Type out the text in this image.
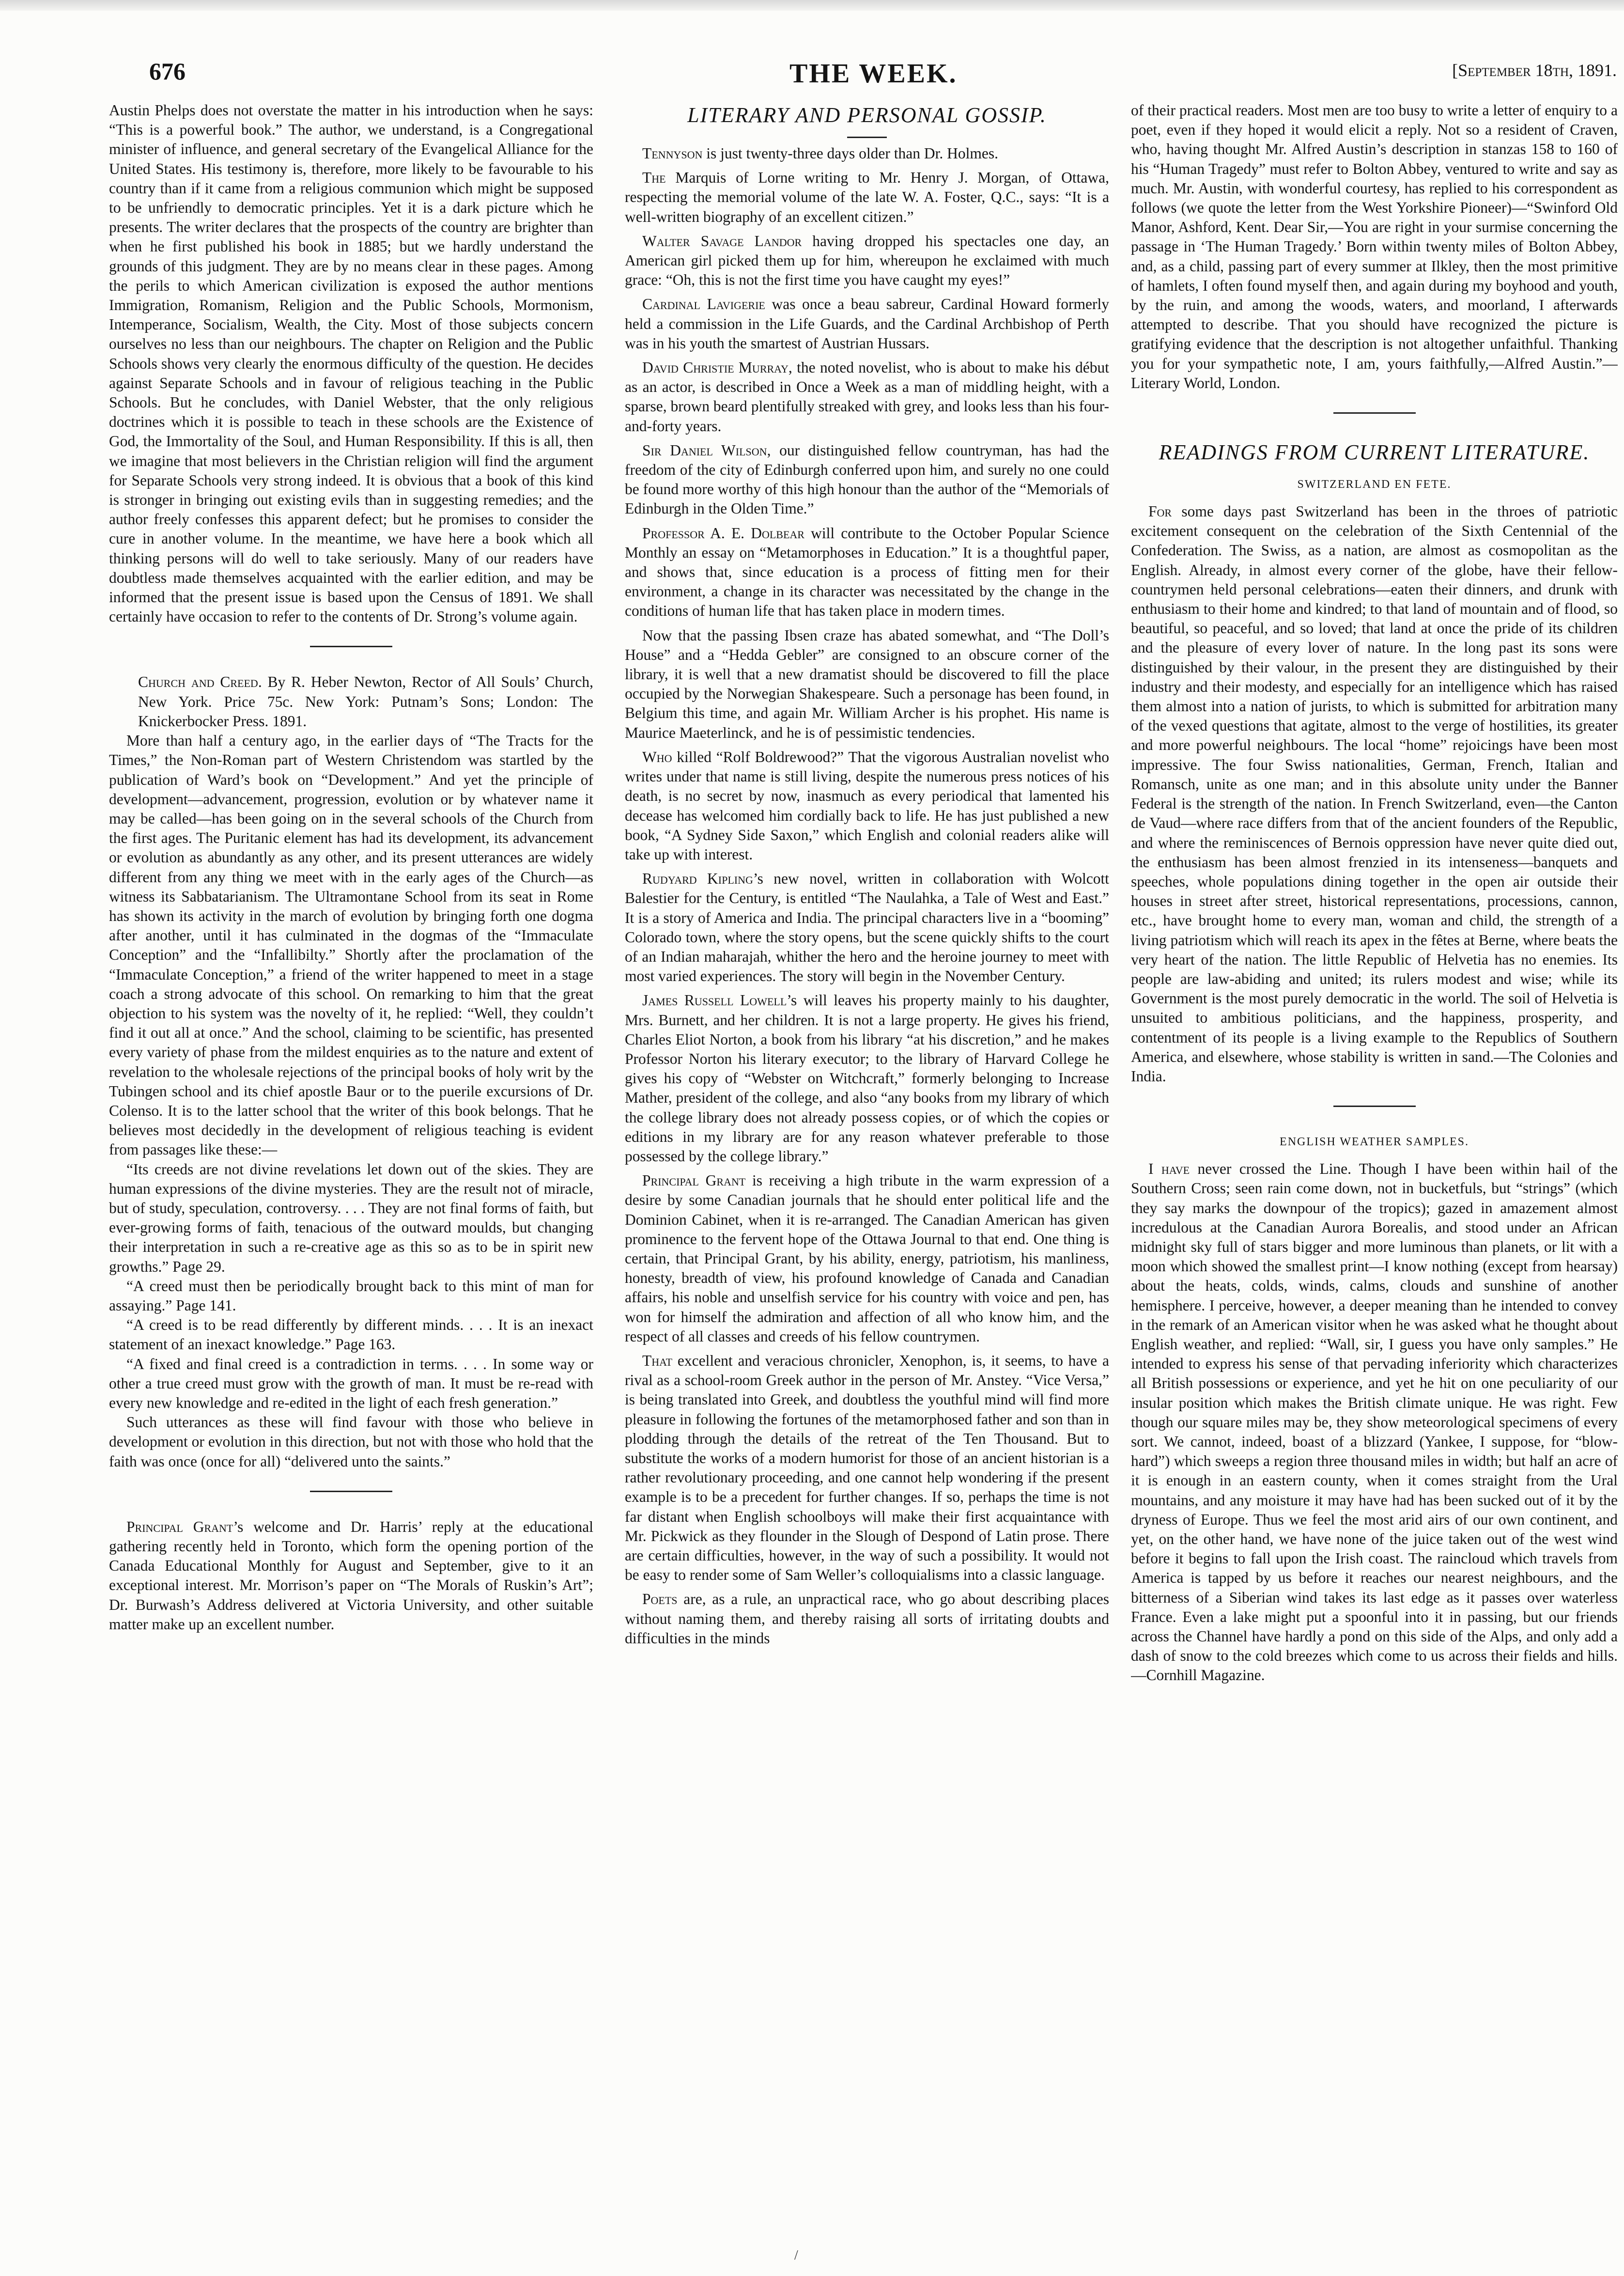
676	THE WEEK.	[September 18th, 1891.

Austin Phelps does not overstate the matter in his introduction when he says: “This is a powerful book.” The author, we understand, is a Congregational minister of influence, and general secretary of the Evangelical Alliance for the United States. His testimony is, therefore, more likely to be favourable to his country than if it came from a religious communion which might be supposed to be unfriendly to democratic principles. Yet it is a dark picture which he presents. The writer declares that the prospects of the country are brighter than when he first published his book in 1885; but we hardly understand the grounds of this judgment. They are by no means clear in these pages. Among the perils to which American civilization is exposed the author mentions Immigration, Romanism, Religion and the Public Schools, Mormonism, Intemperance, Socialism, Wealth, the City. Most of those subjects concern ourselves no less than our neighbours. The chapter on Religion and the Public Schools shows very clearly the enormous difficulty of the question. He decides against Separate Schools and in favour of religious teaching in the Public Schools. But he concludes, with Daniel Webster, that the only religious doctrines which it is possible to teach in these schools are the Existence of God, the Immortality of the Soul, and Human Responsibility. If this is all, then we imagine that most believers in the Christian religion will find the argument for Separate Schools very strong indeed. It is obvious that a book of this kind is stronger in bringing out existing evils than in suggesting remedies; and the author freely confesses this apparent defect; but he promises to consider the cure in another volume. In the meantime, we have here a book which all thinking persons will do well to take seriously. Many of our readers have doubtless made themselves acquainted with the earlier edition, and may be informed that the present issue is based upon the Census of 1891. We shall certainly have occasion to refer to the contents of Dr. Strong’s volume again.

Church and Creed. By R. Heber Newton, Rector of All Souls’ Church, New York. Price 75c. New York: Putnam’s Sons; London: The Knickerbocker Press. 1891.

More than half a century ago, in the earlier days of “The Tracts for the Times,” the Non-Roman part of Western Christendom was startled by the publication of Ward’s book on “Development.” And yet the principle of development—advancement, progression, evolution or by whatever name it may be called—has been going on in the several schools of the Church from the first ages. The Puritanic element has had its development, its advancement or evolution as abundantly as any other, and its present utterances are widely different from any thing we meet with in the early ages of the Church—as witness its Sabbatarianism. The Ultramontane School from its seat in Rome has shown its activity in the march of evolution by bringing forth one dogma after another, until it has culminated in the dogmas of the “Immaculate Conception” and the “Infallibilty.” Shortly after the proclamation of the “Immaculate Conception,” a friend of the writer happened to meet in a stage coach a strong advocate of this school. On remarking to him that the great objection to his system was the novelty of it, he replied: “Well, they couldn’t find it out all at once.” And the school, claiming to be scientific, has presented every variety of phase from the mildest enquiries as to the nature and extent of revelation to the wholesale rejections of the principal books of holy writ by the Tubingen school and its chief apostle Baur or to the puerile excursions of Dr. Colenso. It is to the latter school that the writer of this book belongs. That he believes most decidedly in the development of religious teaching is evident from passages like these:—

“Its creeds are not divine revelations let down out of the skies. They are human expressions of the divine mysteries. They are the result not of miracle, but of study, speculation, controversy. . . . They are not final forms of faith, but ever-growing forms of faith, tenacious of the outward moulds, but changing their interpretation in such a re-creative age as this so as to be in spirit new growths.” Page 29.

“A creed must then be periodically brought back to this mint of man for assaying.” Page 141.

“A creed is to be read differently by different minds. . . . It is an inexact statement of an inexact knowledge.” Page 163.

“A fixed and final creed is a contradiction in terms. . . . In some way or other a true creed must grow with the growth of man. It must be re-read with every new knowledge and re-edited in the light of each fresh generation.”

Such utterances as these will find favour with those who believe in development or evolution in this direction, but not with those who hold that the faith was once (once for all) “delivered unto the saints.”

Principal Grant’s welcome and Dr. Harris’ reply at the educational gathering recently held in Toronto, which form the opening portion of the Canada Educational Monthly for August and September, give to it an exceptional interest. Mr. Morrison’s paper on “The Morals of Ruskin’s Art”; Dr. Burwash’s Address delivered at Victoria University, and other suitable matter make up an excellent number.

LITERARY AND PERSONAL GOSSIP.

Tennyson is just twenty-three days older than Dr. Holmes.

The Marquis of Lorne writing to Mr. Henry J. Morgan, of Ottawa, respecting the memorial volume of the late W. A. Foster, Q.C., says: “It is a well-written biography of an excellent citizen.”

Walter Savage Landor having dropped his spectacles one day, an American girl picked them up for him, whereupon he exclaimed with much grace: “Oh, this is not the first time you have caught my eyes!”

Cardinal Lavigerie was once a beau sabreur, Cardinal Howard formerly held a commission in the Life Guards, and the Cardinal Archbishop of Perth was in his youth the smartest of Austrian Hussars.

David Christie Murray, the noted novelist, who is about to make his début as an actor, is described in Once a Week as a man of middling height, with a sparse, brown beard plentifully streaked with grey, and looks less than his four-and-forty years.

Sir Daniel Wilson, our distinguished fellow countryman, has had the freedom of the city of Edinburgh conferred upon him, and surely no one could be found more worthy of this high honour than the author of the “Memorials of Edinburgh in the Olden Time.”

Professor A. E. Dolbear will contribute to the October Popular Science Monthly an essay on “Metamorphoses in Education.” It is a thoughtful paper, and shows that, since education is a process of fitting men for their environment, a change in its character was necessitated by the change in the conditions of human life that has taken place in modern times.

Now that the passing Ibsen craze has abated somewhat, and “The Doll’s House” and a “Hedda Gebler” are consigned to an obscure corner of the library, it is well that a new dramatist should be discovered to fill the place occupied by the Norwegian Shakespeare. Such a personage has been found, in Belgium this time, and again Mr. William Archer is his prophet. His name is Maurice Maeterlinck, and he is of pessimistic tendencies.

Who killed “Rolf Boldrewood?” That the vigorous Australian novelist who writes under that name is still living, despite the numerous press notices of his death, is no secret by now, inasmuch as every periodical that lamented his decease has welcomed him cordially back to life. He has just published a new book, “A Sydney Side Saxon,” which English and colonial readers alike will take up with interest.

Rudyard Kipling’s new novel, written in collaboration with Wolcott Balestier for the Century, is entitled “The Naulahka, a Tale of West and East.” It is a story of America and India. The principal characters live in a “booming” Colorado town, where the story opens, but the scene quickly shifts to the court of an Indian maharajah, whither the hero and the heroine journey to meet with most varied experiences. The story will begin in the November Century.

James Russell Lowell’s will leaves his property mainly to his daughter, Mrs. Burnett, and her children. It is not a large property. He gives his friend, Charles Eliot Norton, a book from his library “at his discretion,” and he makes Professor Norton his literary executor; to the library of Harvard College he gives his copy of “Webster on Witchcraft,” formerly belonging to Increase Mather, president of the college, and also “any books from my library of which the college library does not already possess copies, or of which the copies or editions in my library are for any reason whatever preferable to those possessed by the college library.”

Principal Grant is receiving a high tribute in the warm expression of a desire by some Canadian journals that he should enter political life and the Dominion Cabinet, when it is re-arranged. The Canadian American has given prominence to the fervent hope of the Ottawa Journal to that end. One thing is certain, that Principal Grant, by his ability, energy, patriotism, his manliness, honesty, breadth of view, his profound knowledge of Canada and Canadian affairs, his noble and unselfish service for his country with voice and pen, has won for himself the admiration and affection of all who know him, and the respect of all classes and creeds of his fellow countrymen.

That excellent and veracious chronicler, Xenophon, is, it seems, to have a rival as a school-room Greek author in the person of Mr. Anstey. “Vice Versa,” is being translated into Greek, and doubtless the youthful mind will find more pleasure in following the fortunes of the metamorphosed father and son than in plodding through the details of the retreat of the Ten Thousand. But to substitute the works of a modern humorist for those of an ancient historian is a rather revolutionary proceeding, and one cannot help wondering if the present example is to be a precedent for further changes. If so, perhaps the time is not far distant when English schoolboys will make their first acquaintance with Mr. Pickwick as they flounder in the Slough of Despond of Latin prose. There are certain difficulties, however, in the way of such a possibility. It would not be easy to render some of Sam Weller’s colloquialisms into a classic language.

Poets are, as a rule, an unpractical race, who go about describing places without naming them, and thereby raising all sorts of irritating doubts and difficulties in the minds

of their practical readers. Most men are too busy to write a letter of enquiry to a poet, even if they hoped it would elicit a reply. Not so a resident of Craven, who, having thought Mr. Alfred Austin’s description in stanzas 158 to 160 of his “Human Tragedy” must refer to Bolton Abbey, ventured to write and say as much. Mr. Austin, with wonderful courtesy, has replied to his correspondent as follows (we quote the letter from the West Yorkshire Pioneer)—“Swinford Old Manor, Ashford, Kent. Dear Sir,—You are right in your surmise concerning the passage in ‘The Human Tragedy.’ Born within twenty miles of Bolton Abbey, and, as a child, passing part of every summer at Ilkley, then the most primitive of hamlets, I often found myself then, and again during my boyhood and youth, by the ruin, and among the woods, waters, and moorland, I afterwards attempted to describe. That you should have recognized the picture is gratifying evidence that the description is not altogether unfaithful. Thanking you for your sympathetic note, I am, yours faithfully,—Alfred Austin.”—Literary World, London.

READINGS FROM CURRENT LITERATURE.
SWITZERLAND EN FETE.

For some days past Switzerland has been in the throes of patriotic excitement consequent on the celebration of the Sixth Centennial of the Confederation. The Swiss, as a nation, are almost as cosmopolitan as the English. Already, in almost every corner of the globe, have their fellow-countrymen held personal celebrations—eaten their dinners, and drunk with enthusiasm to their home and kindred; to that land of mountain and of flood, so beautiful, so peaceful, and so loved; that land at once the pride of its children and the pleasure of every lover of nature. In the long past its sons were distinguished by their valour, in the present they are distinguished by their industry and their modesty, and especially for an intelligence which has raised them almost into a nation of jurists, to which is submitted for arbitration many of the vexed questions that agitate, almost to the verge of hostilities, its greater and more powerful neighbours. The local “home” rejoicings have been most impressive. The four Swiss nationalities, German, French, Italian and Romansch, unite as one man; and in this absolute unity under the Banner Federal is the strength of the nation. In French Switzerland, even—the Canton de Vaud—where race differs from that of the ancient founders of the Republic, and where the reminiscences of Bernois oppression have never quite died out, the enthusiasm has been almost frenzied in its intenseness—banquets and speeches, whole populations dining together in the open air outside their houses in street after street, historical representations, processions, cannon, etc., have brought home to every man, woman and child, the strength of a living patriotism which will reach its apex in the fêtes at Berne, where beats the very heart of the nation. The little Republic of Helvetia has no enemies. Its people are law-abiding and united; its rulers modest and wise; while its Government is the most purely democratic in the world. The soil of Helvetia is unsuited to ambitious politicians, and the happiness, prosperity, and contentment of its people is a living example to the Republics of Southern America, and elsewhere, whose stability is written in sand.—The Colonies and India.

ENGLISH WEATHER SAMPLES.

I have never crossed the Line. Though I have been within hail of the Southern Cross; seen rain come down, not in bucketfuls, but “strings” (which they say marks the downpour of the tropics); gazed in amazement almost incredulous at the Canadian Aurora Borealis, and stood under an African midnight sky full of stars bigger and more luminous than planets, or lit with a moon which showed the smallest print—I know nothing (except from hearsay) about the heats, colds, winds, calms, clouds and sunshine of another hemisphere. I perceive, however, a deeper meaning than he intended to convey in the remark of an American visitor when he was asked what he thought about English weather, and replied: “Wall, sir, I guess you have only samples.” He intended to express his sense of that pervading inferiority which characterizes all British possessions or experience, and yet he hit on one peculiarity of our insular position which makes the British climate unique. He was right. Few though our square miles may be, they show meteorological specimens of every sort. We cannot, indeed, boast of a blizzard (Yankee, I suppose, for “blow-hard”) which sweeps a region three thousand miles in width; but half an acre of it is enough in an eastern county, when it comes straight from the Ural mountains, and any moisture it may have had has been sucked out of it by the dryness of Europe. Thus we feel the most arid airs of our own continent, and yet, on the other hand, we have none of the juice taken out of the west wind before it begins to fall upon the Irish coast. The raincloud which travels from America is tapped by us before it reaches our nearest neighbours, and the bitterness of a Siberian wind takes its last edge as it passes over waterless France. Even a lake might put a spoonful into it in passing, but our friends across the Channel have hardly a pond on this side of the Alps, and only add a dash of snow to the cold breezes which come to us across their fields and hills.—Cornhill Magazine.

/
